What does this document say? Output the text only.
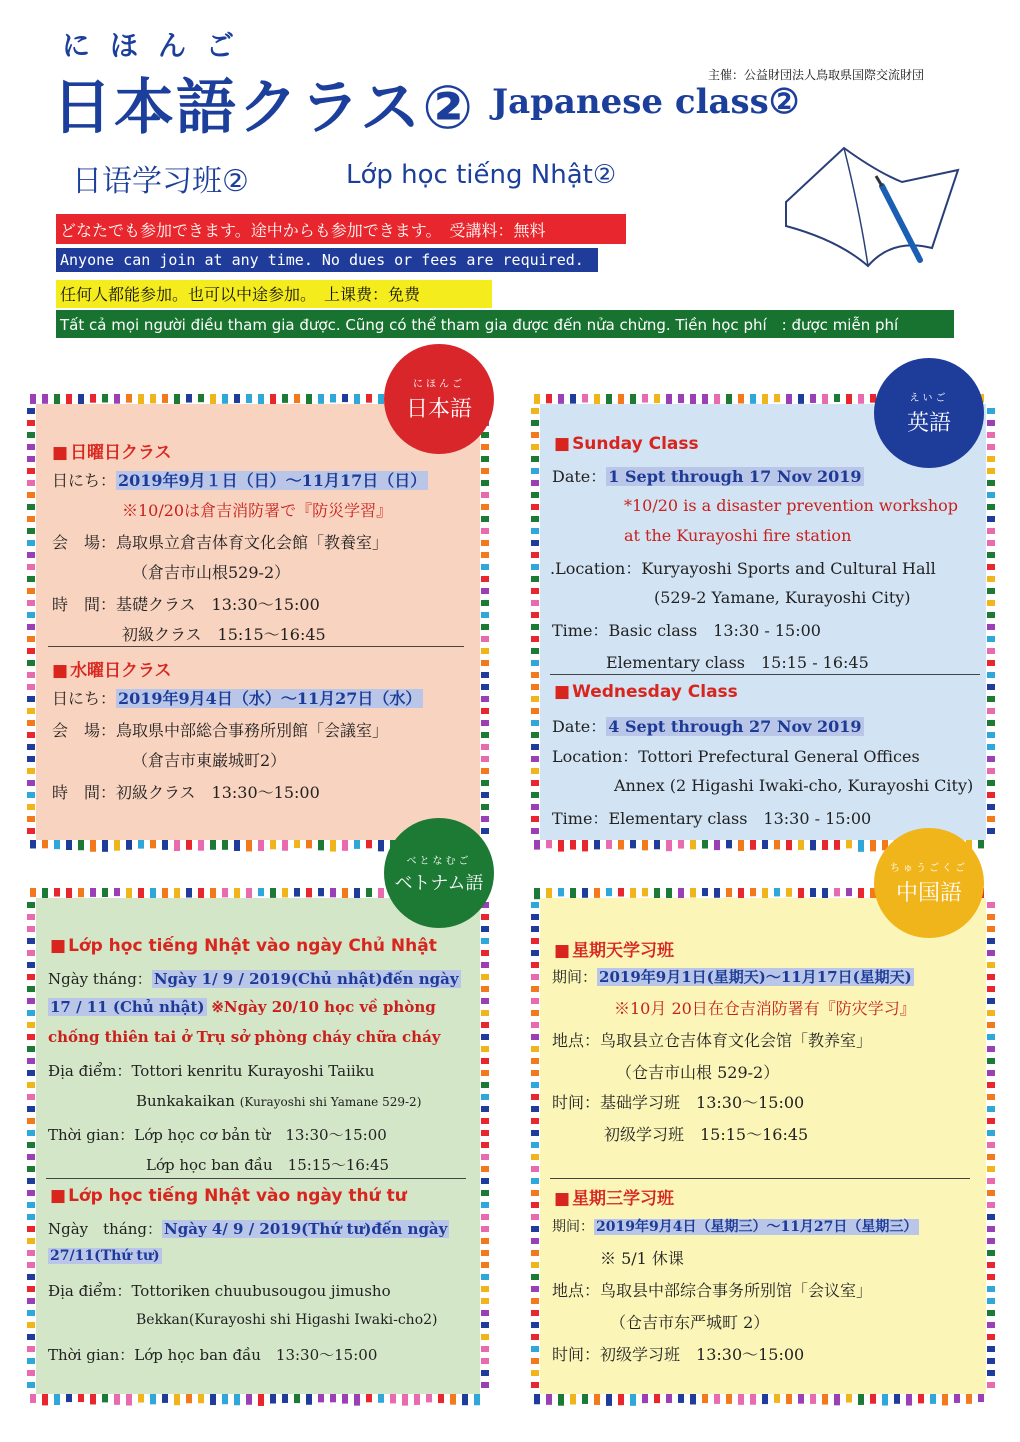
にほんご
日本語クラス② Japanese class②
主催：公益財団法人鳥取県国際交流財団
日语学习班②	Lớp học tiếng Nhật②
どなたでも参加できます。途中からも参加できます。　受講料：無料
Anyone can join at any time. No dues or fees are required.
任何人都能参加。也可以中途参加。　上课费：免费
Tất cả mọi người điều tham gia được. Cũng có thể tham gia được đến nửa chừng. Tiền học phí　: được miễn phí
■ 日曜日クラス
日にち： 2019年9月１日（日）～11月17日（日）
※10/20は倉吉消防署で『防災学習』
会　場：鳥取県立倉吉体育文化会館「教養室」
（倉吉市山根529-2）
時　間：基礎クラス　13:30～15:00
初級クラス　15:15～16:45
■ 水曜日クラス
日にち： 2019年9月4日（水）～11月27日（水）
会　場：鳥取県中部総合事務所別館「会議室」
（倉吉市東巌城町2）
時　間：初級クラス　13:30～15:00
にほんご
日本語
■ Sunday Class
Date： 1 Sept through 17 Nov 2019
*10/20 is a disaster prevention workshop
at the Kurayoshi fire station
.Location：Kuryayoshi Sports and Cultural Hall
(529-2 Yamane, Kurayoshi City)
Time：Basic class　13:30 - 15:00
Elementary class　15:15 - 16:45
■ Wednesday Class
Date： 4 Sept through 27 Nov 2019
Location：Tottori Prefectural General Offices
Annex (2 Higashi Iwaki-cho, Kurayoshi City)
Time：Elementary class　13:30 - 15:00
えいご
英語
■ Lớp học tiếng Nhật vào ngày Chủ Nhật
Ngày tháng： Ngày 1/ 9 / 2019(Chủ nhật)đến ngày
17 / 11 (Chủ nhật) ※Ngày 20/10 học về phòng
chống thiên tai ở Trụ sở phòng cháy chữa cháy
Địa điểm：Tottori kenritu Kurayoshi Taiiku
Bunkakaikan (Kurayoshi shi Yamane 529-2)
Thời gian：Lớp học cơ bản từ　13:30～15:00
Lớp học ban đầu　15:15～16:45
■ Lớp học tiếng Nhật vào ngày thứ tư
Ngày　tháng： Ngày 4/ 9 / 2019(Thứ tư)đến ngày
27/11(Thứ tư)
Địa điểm：Tottoriken chuubusougou jimusho
Bekkan(Kurayoshi shi Higashi Iwaki-cho2)
Thời gian：Lớp học ban đầu　13:30～15:00
べとなむご
ベトナム語
■ 星期天学习班
期间： 2019年9月1日(星期天)～11月17日(星期天)
※10月 20日在仓吉消防署有『防灾学习』
地点：鸟取县立仓吉体育文化会馆「教养室」
（仓吉市山根 529-2）
时间：基础学习班　13:30～15:00
初级学习班　15:15～16:45
■ 星期三学习班
期间： 2019年9月4日（星期三）～11月27日（星期三）
※ 5/1 休课
地点：鸟取县中部综合事务所别馆「会议室」
（仓吉市东严城町 2）
时间：初级学习班　13:30～15:00
ちゅうごくご
中国語
